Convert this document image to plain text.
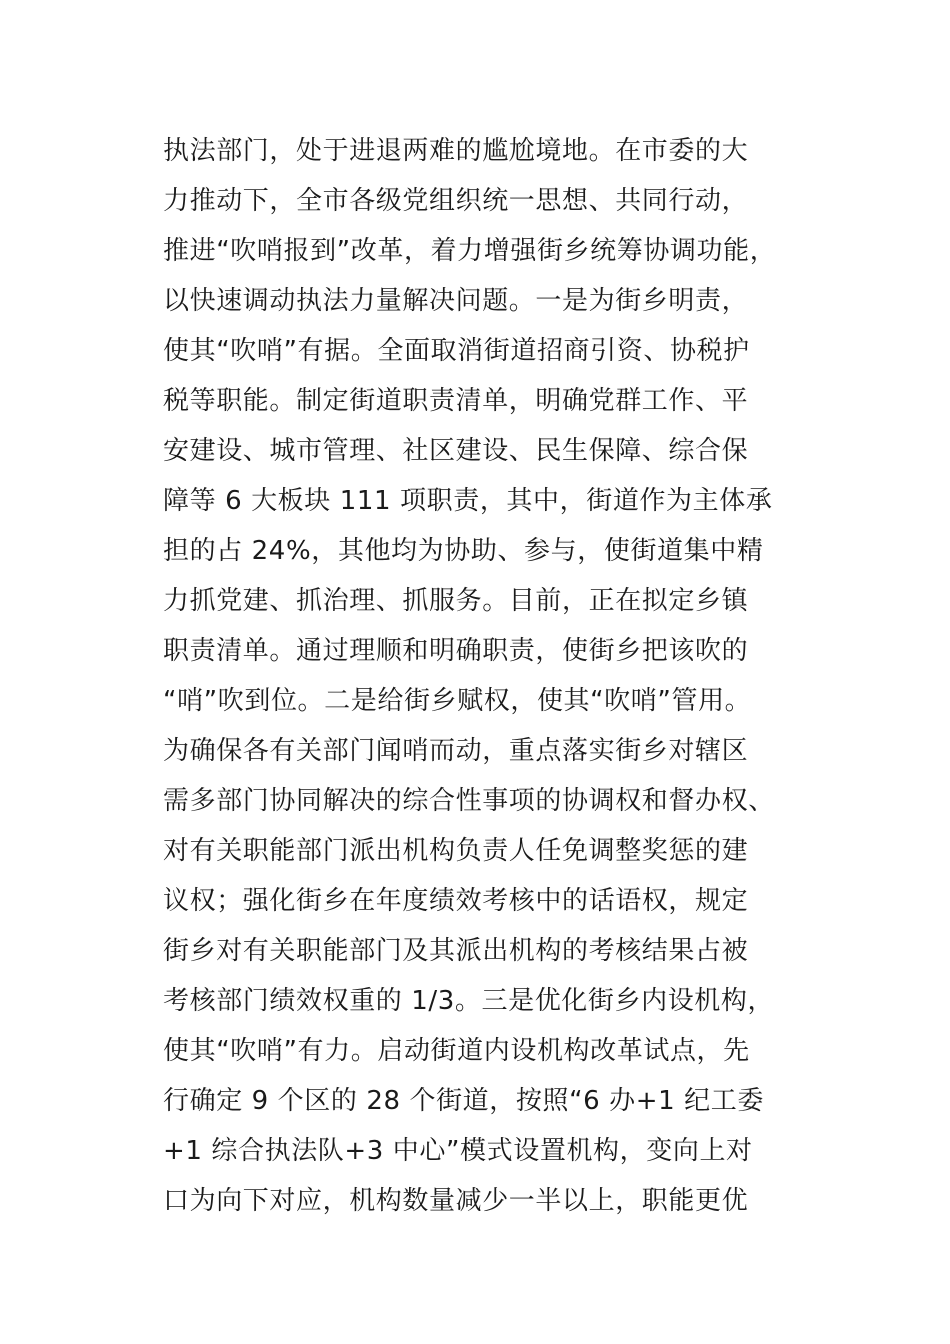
执法部门，处于进退两难的尴尬境地。在市委的大
力推动下，全市各级党组织统一思想、共同行动，
推进“吹哨报到”改革，着力增强街乡统筹协调功能，
以快速调动执法力量解决问题。一是为街乡明责，
使其“吹哨”有据。全面取消街道招商引资、协税护
税等职能。制定街道职责清单，明确党群工作、平
安建设、城市管理、社区建设、民生保障、综合保
障等 6 大板块 111 项职责，其中，街道作为主体承
担的占 24%，其他均为协助、参与，使街道集中精
力抓党建、抓治理、抓服务。目前，正在拟定乡镇
职责清单。通过理顺和明确职责，使街乡把该吹的
“哨”吹到位。二是给街乡赋权，使其“吹哨”管用。
为确保各有关部门闻哨而动，重点落实街乡对辖区
需多部门协同解决的综合性事项的协调权和督办权、
对有关职能部门派出机构负责人任免调整奖惩的建
议权；强化街乡在年度绩效考核中的话语权，规定
街乡对有关职能部门及其派出机构的考核结果占被
考核部门绩效权重的 1/3。三是优化街乡内设机构，
使其“吹哨”有力。启动街道内设机构改革试点，先
行确定 9 个区的 28 个街道，按照“6 办+1 纪工委
+1 综合执法队+3 中心”模式设置机构，变向上对
口为向下对应，机构数量减少一半以上，职能更优
